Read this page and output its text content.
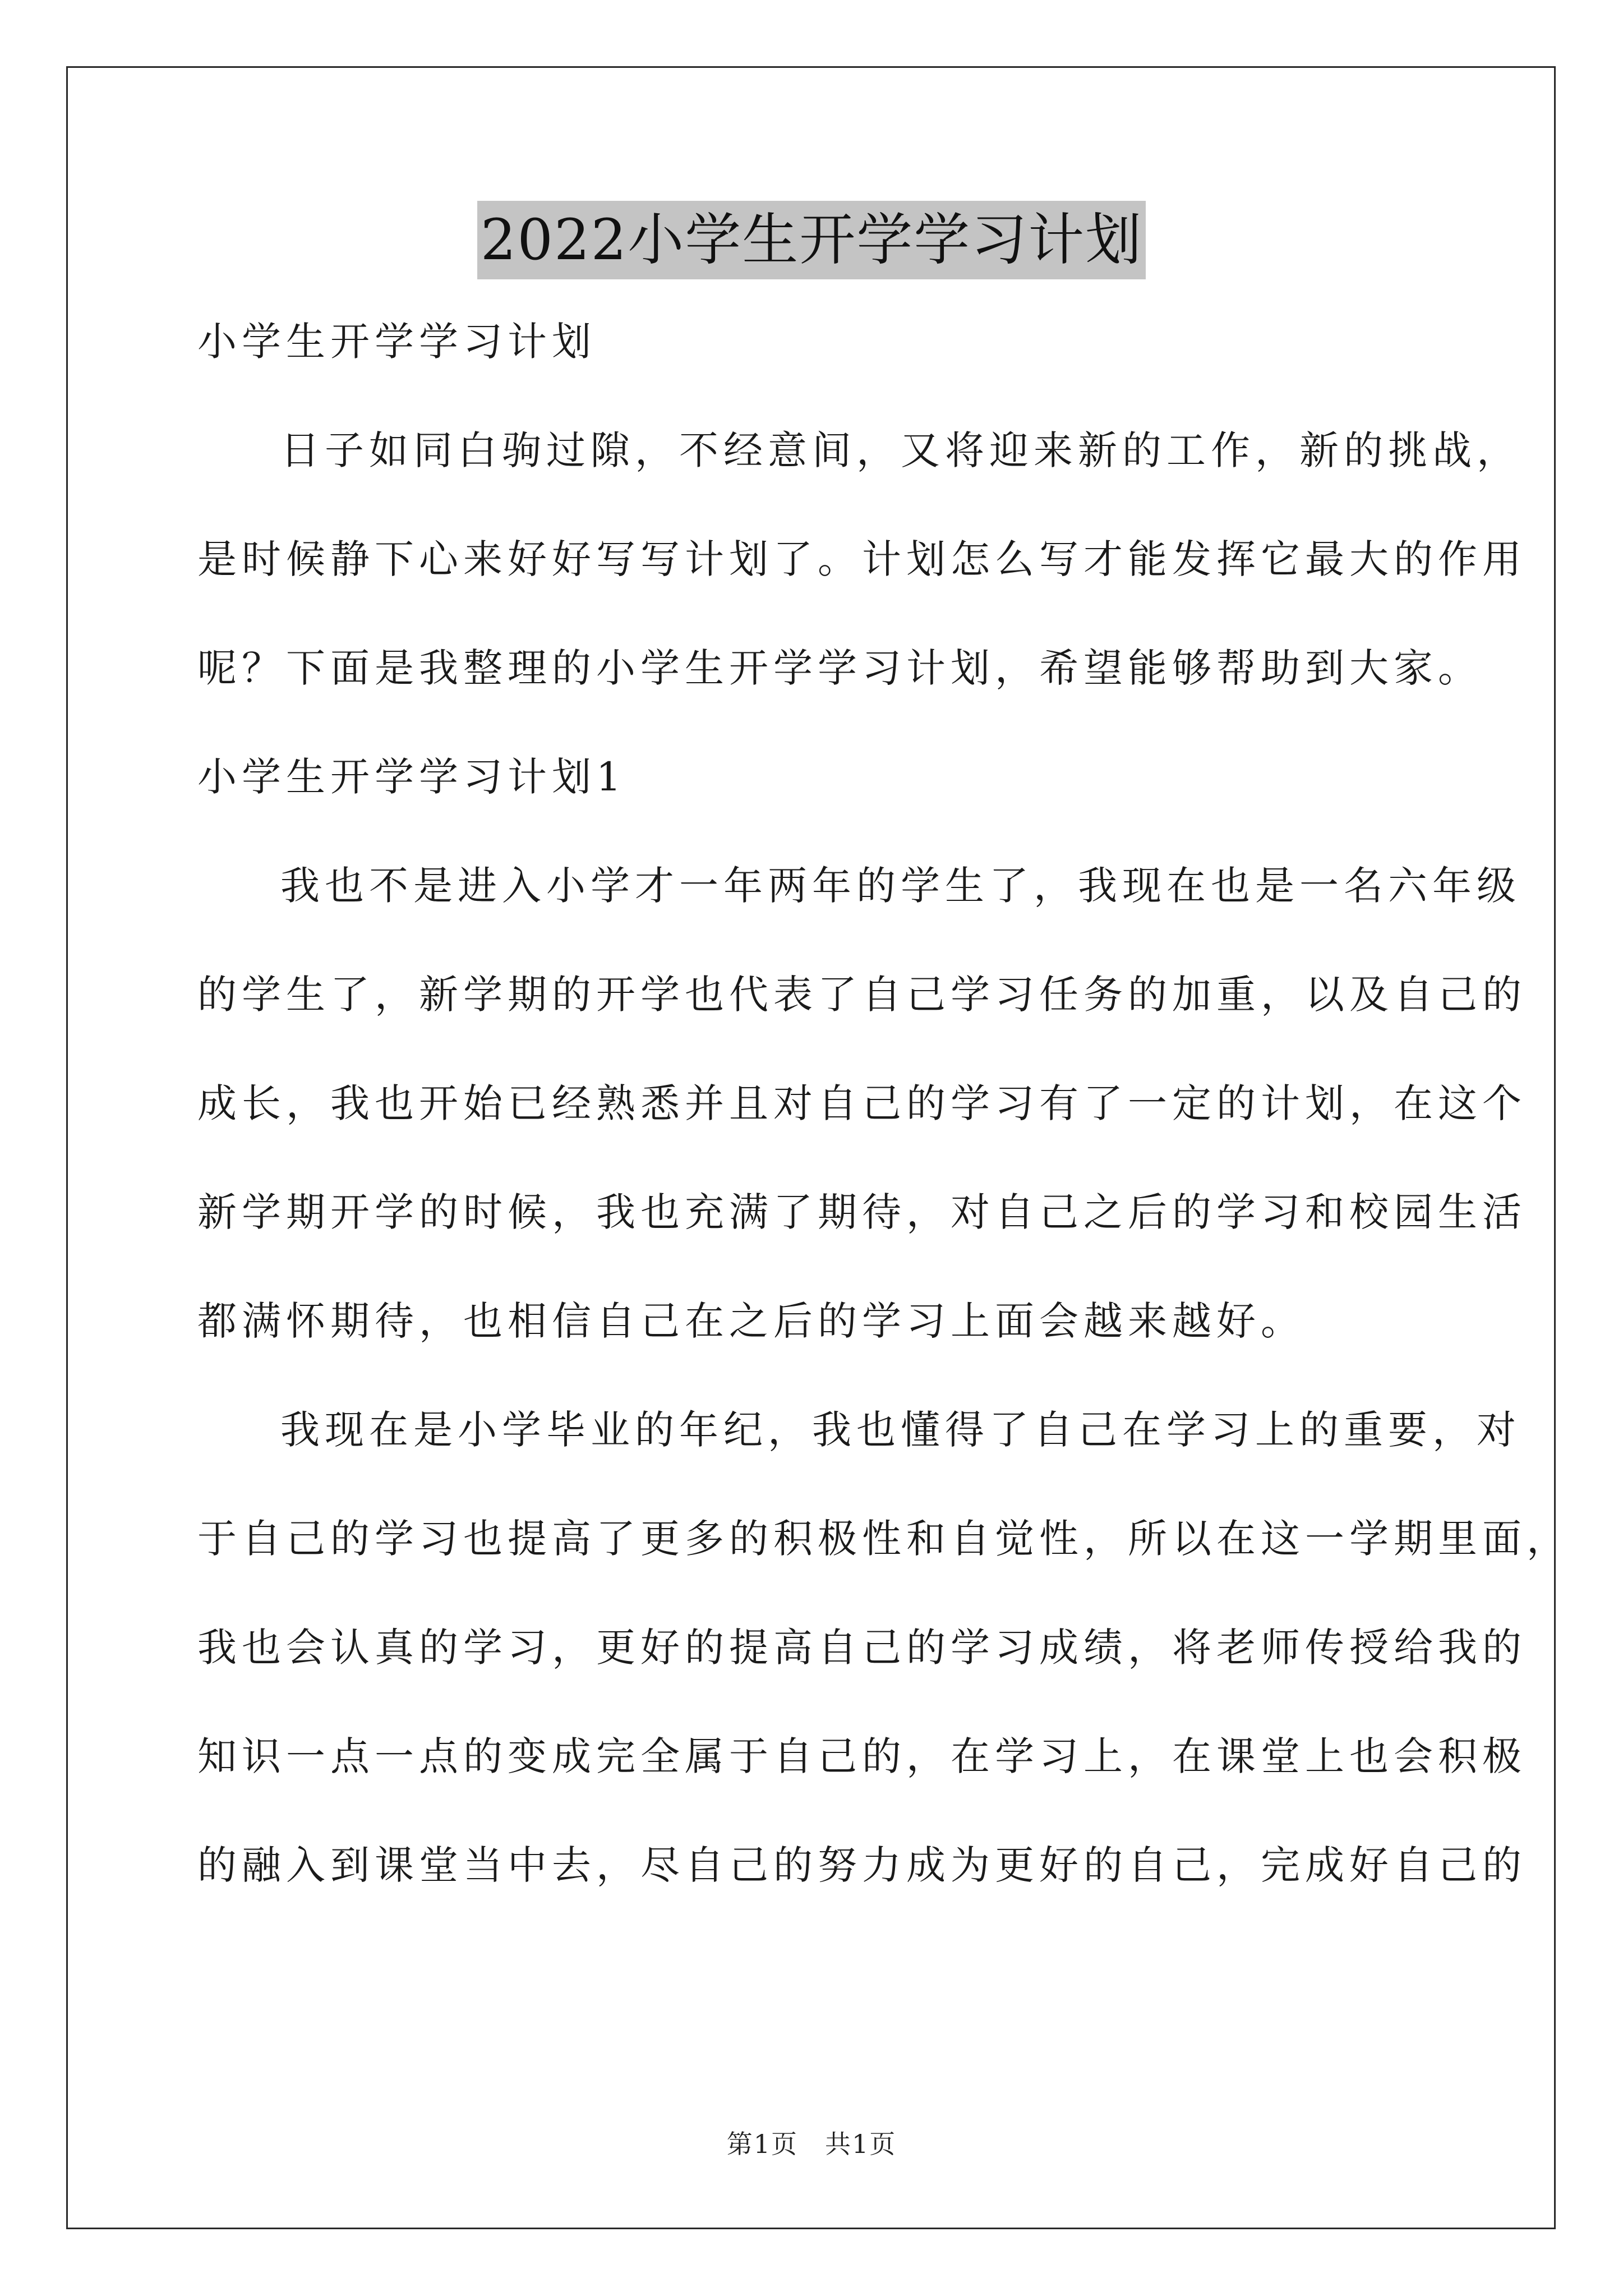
2022小学生开学学习计划
小学生开学学习计划
日子如同白驹过隙，不经意间，又将迎来新的工作，新的挑战，
是时候静下心来好好写写计划了。计划怎么写才能发挥它最大的作用
呢？下面是我整理的小学生开学学习计划，希望能够帮助到大家。
小学生开学学习计划1
我也不是进入小学才一年两年的学生了，我现在也是一名六年级
的学生了，新学期的开学也代表了自己学习任务的加重，以及自己的
成长，我也开始已经熟悉并且对自己的学习有了一定的计划，在这个
新学期开学的时候，我也充满了期待，对自己之后的学习和校园生活
都满怀期待，也相信自己在之后的学习上面会越来越好。
我现在是小学毕业的年纪，我也懂得了自己在学习上的重要，对
于自己的学习也提高了更多的积极性和自觉性，所以在这一学期里面，
我也会认真的学习，更好的提高自己的学习成绩，将老师传授给我的
知识一点一点的变成完全属于自己的，在学习上，在课堂上也会积极
的融入到课堂当中去，尽自己的努力成为更好的自己，完成好自己的
第1页　共1页
